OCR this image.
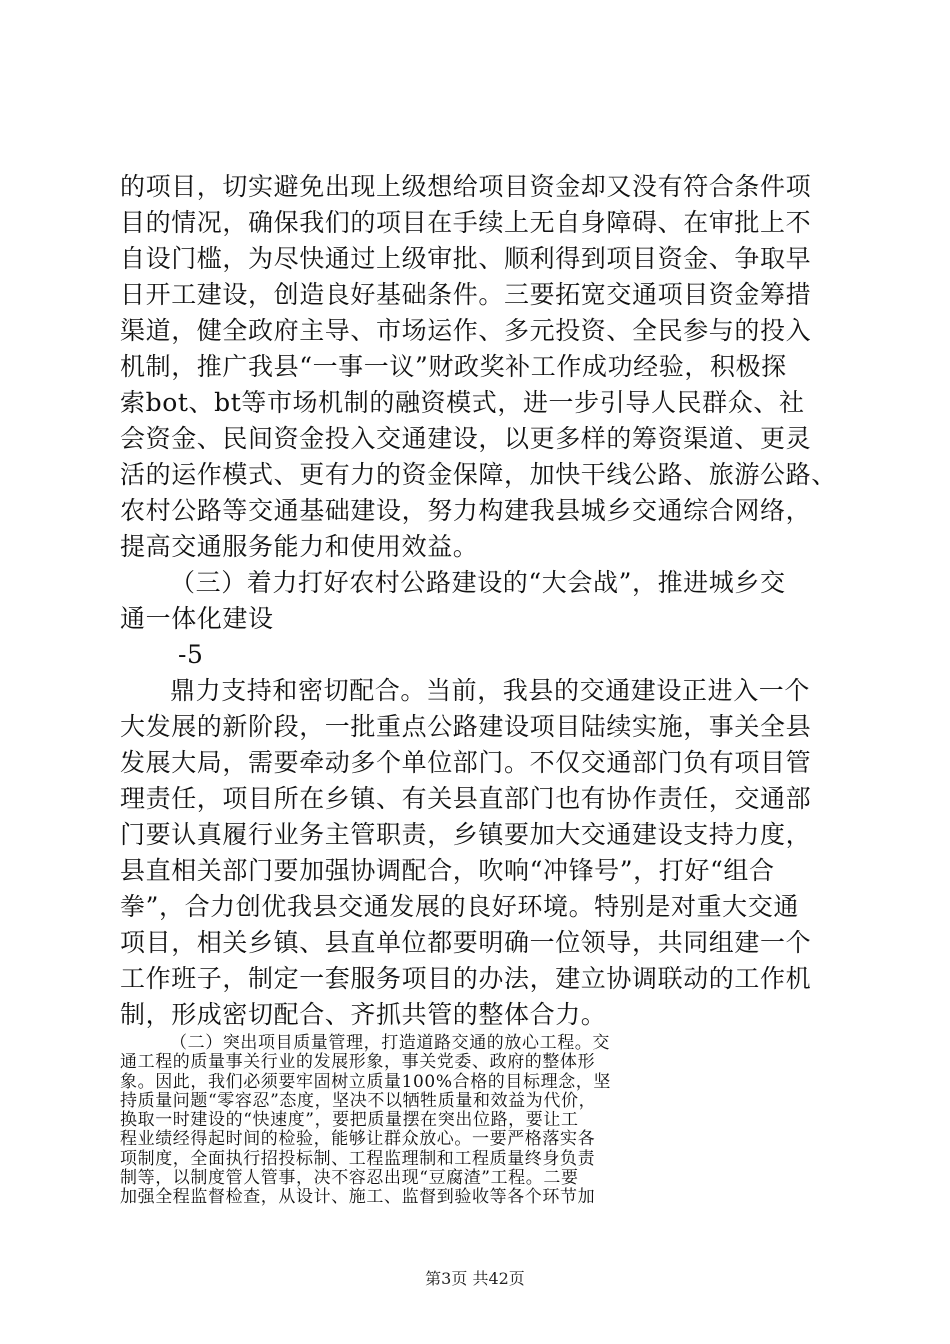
的项目，切实避免出现上级想给项目资金却又没有符合条件项
目的情况，确保我们的项目在手续上无自身障碍、在审批上不
自设门槛，为尽快通过上级审批、顺利得到项目资金、争取早
日开工建设，创造良好基础条件。三要拓宽交通项目资金筹措
渠道，健全政府主导、市场运作、多元投资、全民参与的投入
机制，推广我县“一事一议”财政奖补工作成功经验，积极探
索bot、bt等市场机制的融资模式，进一步引导人民群众、社
会资金、民间资金投入交通建设，以更多样的筹资渠道、更灵
活的运作模式、更有力的资金保障，加快干线公路、旅游公路、
农村公路等交通基础建设，努力构建我县城乡交通综合网络，
提高交通服务能力和使用效益。
（三）着力打好农村公路建设的“大会战”，推进城乡交
通一体化建设
-5
鼎力支持和密切配合。当前，我县的交通建设正进入一个
大发展的新阶段，一批重点公路建设项目陆续实施，事关全县
发展大局，需要牵动多个单位部门。不仅交通部门负有项目管
理责任，项目所在乡镇、有关县直部门也有协作责任，交通部
门要认真履行业务主管职责，乡镇要加大交通建设支持力度，
县直相关部门要加强协调配合，吹响“冲锋号”，打好“组合
拳”，合力创优我县交通发展的良好环境。特别是对重大交通
项目，相关乡镇、县直单位都要明确一位领导，共同组建一个
工作班子，制定一套服务项目的办法，建立协调联动的工作机
制，形成密切配合、齐抓共管的整体合力。
（二）突出项目质量管理，打造道路交通的放心工程。交
通工程的质量事关行业的发展形象，事关党委、政府的整体形
象。因此，我们必须要牢固树立质量100%合格的目标理念，坚
持质量问题“零容忍”态度，坚决不以牺牲质量和效益为代价，
换取一时建设的“快速度”，要把质量摆在突出位路，要让工
程业绩经得起时间的检验，能够让群众放心。一要严格落实各
项制度，全面执行招投标制、工程监理制和工程质量终身负责
制等，以制度管人管事，决不容忍出现“豆腐渣”工程。二要
加强全程监督检查，从设计、施工、监督到验收等各个环节加
第3页 共42页
